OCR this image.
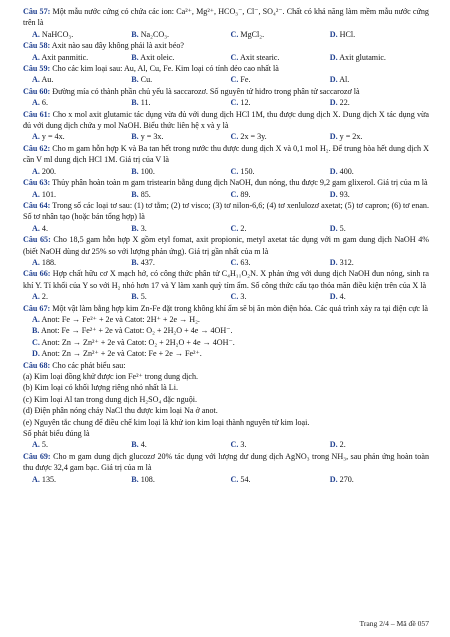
Câu 57: Một mẫu nước cứng có chứa các ion: Ca²⁺, Mg²⁺, HCO₃⁻, Cl⁻, SO₄²⁻. Chất có khả năng làm mềm mẫu nước cứng trên là

A. NaHCO₃.	B. Na₂CO₃.	C. MgCl₂.	D. HCl.

Câu 58: Axit nào sau đây không phải là axit béo?

A. Axit panmitic.	B. Axit oleic.	C. Axit stearic.	D. Axit glutamic.

Câu 59: Cho các kim loại sau: Au, Al, Cu, Fe. Kim loại có tính dẻo cao nhất là

A. Au.	B. Cu.	C. Fe.	D. Al.

Câu 60: Đường mía có thành phần chủ yếu là saccarozơ. Số nguyên tử hiđro trong phân tử saccarozơ là

A. 6.	B. 11.	C. 12.	D. 22.

Câu 61: Cho x mol axit glutamic tác dụng vừa đủ với dung dịch HCl 1M, thu được dung dịch X. Dung dịch X tác dụng vừa đủ với dung dịch chứa y mol NaOH. Biểu thức liên hệ x và y là

A. y = 4x.	B. y = 3x.	C. 2x = 3y.	D. y = 2x.

Câu 62: Cho m gam hỗn hợp K và Ba tan hết trong nước thu được dung dịch X và 0,1 mol H₂. Để trung hòa hết dung dịch X cần V ml dung dịch HCl 1M. Giá trị của V là

A. 200.	B. 100.	C. 150.	D. 400.

Câu 63: Thủy phân hoàn toàn m gam tristearin bằng dung dịch NaOH, đun nóng, thu được 9,2 gam glixerol. Giá trị của m là

A. 101.	B. 85.	C. 89.	D. 93.

Câu 64: Trong số các loại tơ sau: (1) tơ tằm; (2) tơ visco; (3) tơ nilon-6,6; (4) tơ xenlulozơ axetat; (5) tơ capron; (6) tơ enan. Số tơ nhân tạo (hoặc bán tổng hợp) là

A. 4.	B. 3.	C. 2.	D. 5.

Câu 65: Cho 18,5 gam hỗn hợp X gồm etyl fomat, axit propionic, metyl axetat tác dụng với m gam dung dịch NaOH 4% (biết NaOH dùng dư 25% so với lượng phản ứng). Giá trị gần nhất của m là

A. 188.	B. 437.	C. 63.	D. 312.

Câu 66: Hợp chất hữu cơ X mạch hở, có công thức phân tử C₄H₁₁O₂N. X phản ứng với dung dịch NaOH đun nóng, sinh ra khí Y. Tỉ khối của Y so với H₂ nhỏ hơn 17 và Y làm xanh quỳ tím ẩm. Số công thức cấu tạo thỏa mãn điều kiện trên của X là

A. 2.	B. 5.	C. 3.	D. 4.

Câu 67: Một vật làm bằng hợp kim Zn-Fe đặt trong không khí ẩm sẽ bị ăn mòn điện hóa. Các quá trình xảy ra tại điện cực là

A. Anot: Fe → Fe²⁺ + 2e và Catot: 2H⁺ + 2e → H₂.
B. Anot: Fe → Fe²⁺ + 2e và Catot: O₂ + 2H₂O + 4e → 4OH⁻.
C. Anot: Zn → Zn²⁺ + 2e và Catot: O₂ + 2H₂O + 4e → 4OH⁻.
D. Anot: Zn → Zn²⁺ + 2e và Catot: Fe + 2e → Fe²⁺.

Câu 68: Cho các phát biểu sau:

(a) Kim loại đồng khử được ion Fe²⁺ trong dung dịch.

(b) Kim loại có khối lượng riêng nhỏ nhất là Li.

(c) Kim loại Al tan trong dung dịch H₂SO₄ đặc nguội.

(d) Điện phân nóng chảy NaCl thu được kim loại Na ở anot.

(e) Nguyên tắc chung để điều chế kim loại là khử ion kim loại thành nguyên tử kim loại.

Số phát biểu đúng là

A. 5.	B. 4.	C. 3.	D. 2.

Câu 69: Cho m gam dung dịch glucozơ 20% tác dụng với lượng dư dung dịch AgNO₃ trong NH₃, sau phản ứng hoàn toàn thu được 32,4 gam bạc. Giá trị của m là

A. 135.	B. 108.	C. 54.	D. 270.
Trang 2/4 – Mã đề 057
